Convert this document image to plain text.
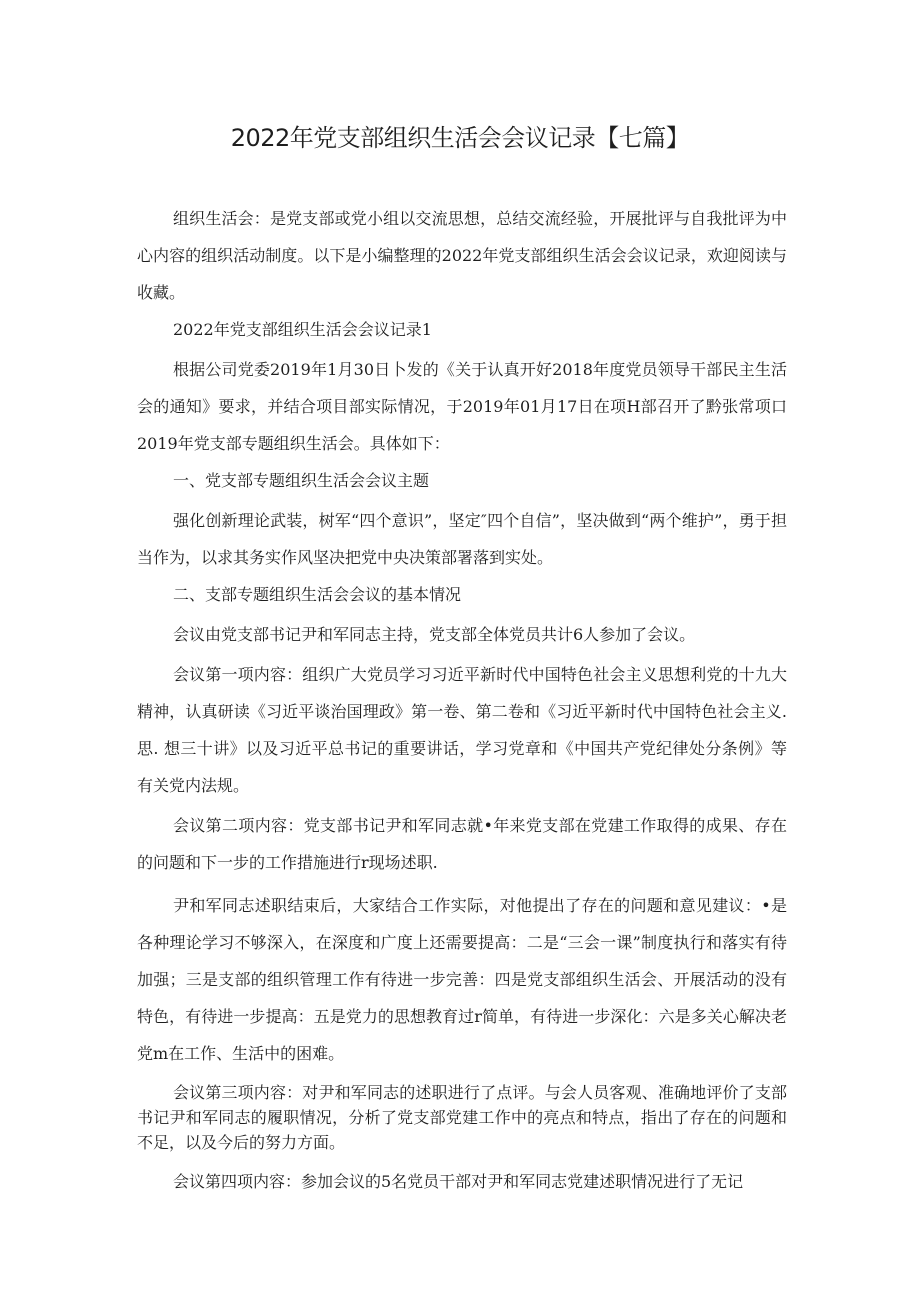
2022年党支部组织生活会会议记录【七篇】

组织生活会：是党支部或党小组以交流思想，总结交流经验，开展批评与自我批评为中心内容的组织活动制度。以下是小编整理的2022年党支部组织生活会会议记录，欢迎阅读与收藏。

2022年党支部组织生活会会议记录1

根据公司党委2019年1月30日卜发的《关于认真开好2018年度党员领导干部民主生活会的通知》要求，并结合项目部实际情况，于2019年01月17日在项H部召开了黔张常项口2019年党支部专题组织生活会。具体如下：

一、党支部专题组织生活会会议主题

强化创新理论武装，树军“四个意识”，坚定″四个自信”，坚决做到“两个维护”，勇于担当作为，以求其务实作风坚决把党中央决策部署落到实处。

二、支部专题组织生活会会议的基本情况

会议由党支部书记尹和军同志主持，党支部全体党员共计6人参加了会议。

会议第一项内容：组织广大党员学习习近平新时代中国特色社会主义思想利党的十九大精神，认真研读《习近平谈治国理政》第一卷、第二卷和《习近平新时代中国特色社会主义. 思. 想三十讲》以及习近平总书记的重要讲话，学习党章和《中国共产党纪律处分条例》等有关党内法规。

会议第二项内容：党支部书记尹和军同志就•年来党支部在党建工作取得的成果、存在的问题和下一步的工作措施进行r现场述职.

尹和军同志述职结束后，大家结合工作实际，对他提出了存在的问题和意见建议：•是各种理论学习不够深入，在深度和广度上还需要提高：二是“三会一课”制度执行和落实有待加强；三是支部的组织管理工作有待进一步完善：四是党支部组织生活会、开展活动的没有特色，有待进一步提高：五是党力的思想教育过r简单，有待进一步深化：六是多关心解决老党m在工作、生活中的困难。

会议第三项内容：对尹和军同志的述职进行了点评。与会人员客观、准确地评价了支部书记尹和军同志的履职情况，分析了党支部党建工作中的亮点和特点，指出了存在的问题和不足，以及今后的努力方面。

会议第四项内容：参加会议的5名党员干部对尹和军同志党建述职情况进行了无记
